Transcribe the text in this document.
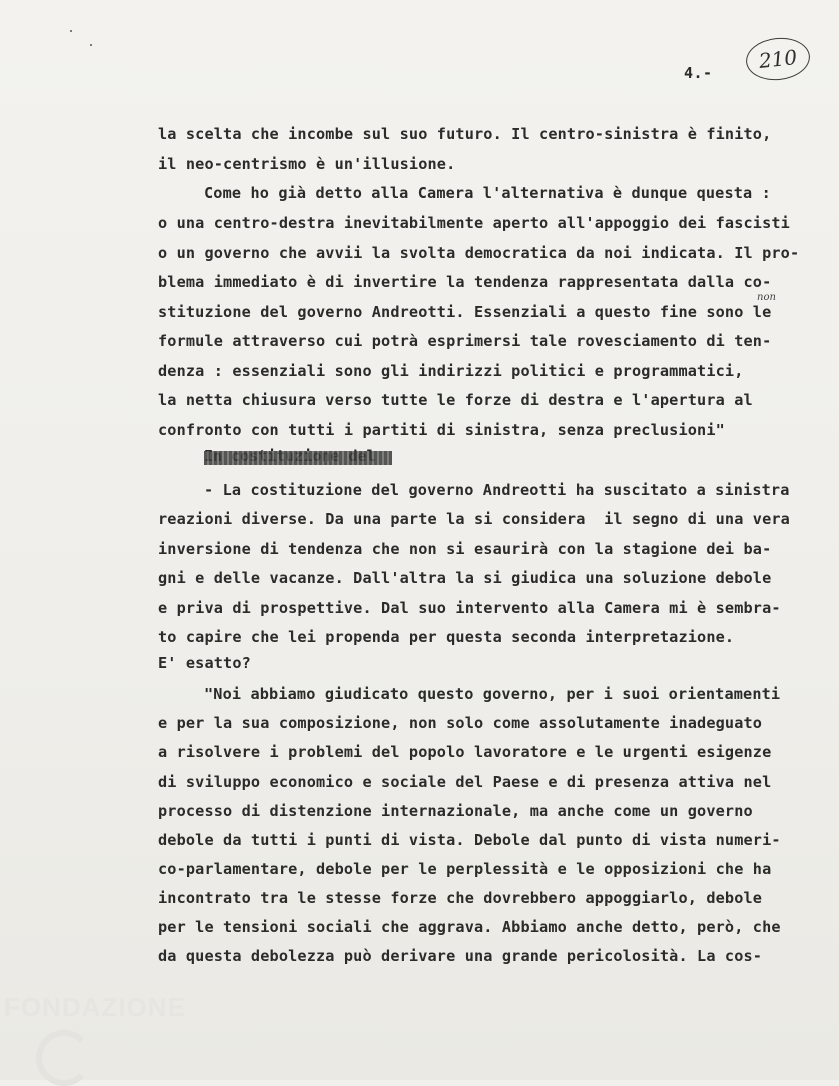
4.-
210
non
la scelta che incombe sul suo futuro. Il centro-sinistra è finito,
il neo-centrismo è un'illusione.
Come ho già detto alla Camera l'alternativa è dunque questa :
o una centro-destra inevitabilmente aperto all'appoggio dei fascisti
o un governo che avvii la svolta democratica da noi indicata. Il pro-
blema immediato è di invertire la tendenza rappresentata dalla co-
stituzione del governo Andreotti. Essenziali a questo fine sono le
formule attraverso cui potrà esprimersi tale rovesciamento di ten-
denza : essenziali sono gli indirizzi politici e programmatici,
la netta chiusura verso tutte le forze di destra e l'apertura al
confronto con tutti i partiti di sinistra, senza preclusioni"
- La costituzione del governo Andreotti ha suscitato a sinistra
reazioni diverse. Da una parte la si considera  il segno di una vera
inversione di tendenza che non si esaurirà con la stagione dei ba-
gni e delle vacanze. Dall'altra la si giudica una soluzione debole
e priva di prospettive. Dal suo intervento alla Camera mi è sembra-
to capire che lei propenda per questa seconda interpretazione.
E' esatto?
"Noi abbiamo giudicato questo governo, per i suoi orientamenti
e per la sua composizione, non solo come assolutamente inadeguato
a risolvere i problemi del popolo lavoratore e le urgenti esigenze
di sviluppo economico e sociale del Paese e di presenza attiva nel
processo di distenzione internazionale, ma anche come un governo
debole da tutti i punti di vista. Debole dal punto di vista numeri-
co-parlamentare, debole per le perplessità e le opposizioni che ha
incontrato tra le stesse forze che dovrebbero appoggiarlo, debole
per le tensioni sociali che aggrava. Abbiamo anche detto, però, che
da questa debolezza può derivare una grande pericolosità. La cos-
FONDAZIONE
